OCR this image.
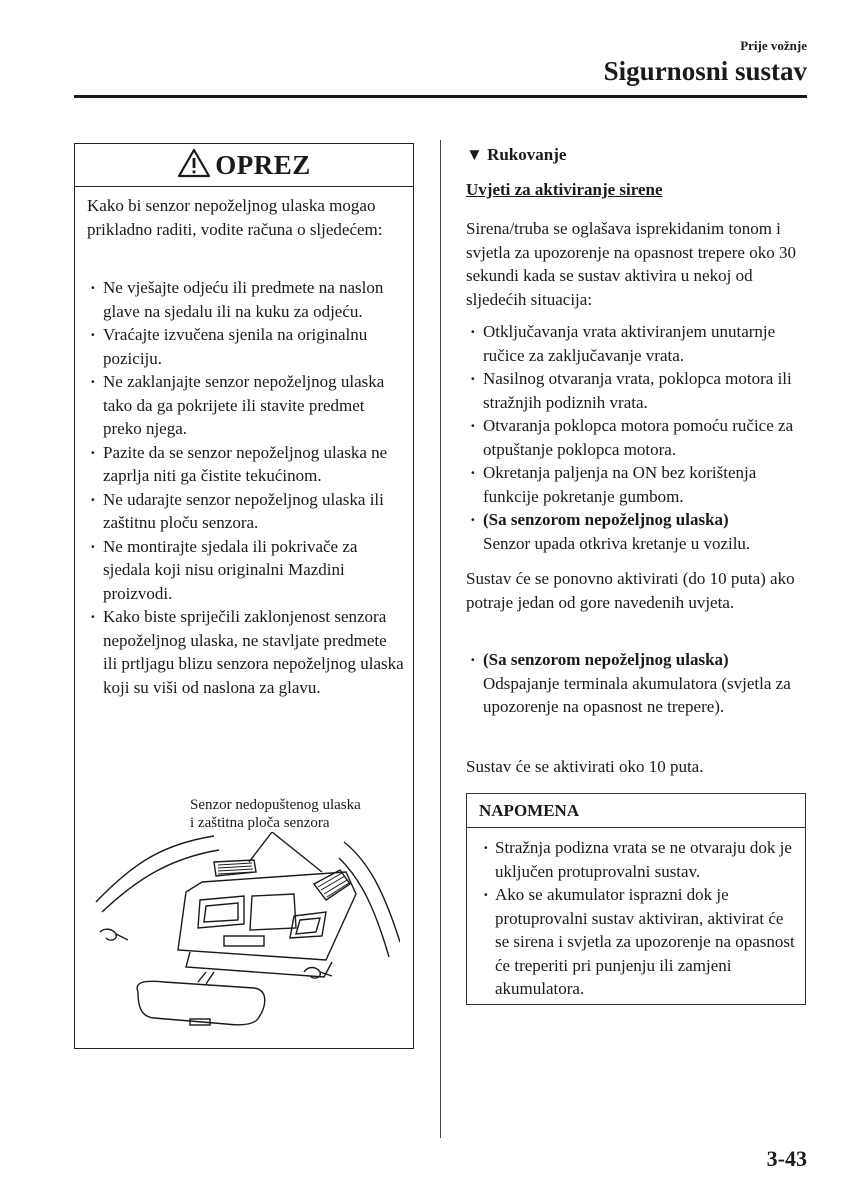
Prije vožnje
Sigurnosni sustav
OPREZ

Kako bi senzor nepoželjnog ulaska mogao prikladno raditi, vodite računa o sljedećem:

· Ne vješajte odjeću ili predmete na naslon glave na sjedalu ili na kuku za odjeću.
· Vraćajte izvučena sjenila na originalnu poziciju.
· Ne zaklanjajte senzor nepoželjnog ulaska tako da ga pokrijete ili stavite predmet preko njega.
· Pazite da se senzor nepoželjnog ulaska ne zaprlja niti ga čistite tekućinom.
· Ne udarajte senzor nepoželjnog ulaska ili zaštitnu ploču senzora.
· Ne montirajte sjedala ili pokrivače za sjedala koji nisu originalni Mazdini proizvodi.
· Kako biste spriječili zaklonjenost senzora nepoželjnog ulaska, ne stavljate predmete ili prtljagu blizu senzora nepoželjnog ulaska koji su viši od naslona za glavu.

Senzor nedopuštenog ulaska
i zaštitna ploča senzora

▼ Rukovanje
Uvjeti za aktiviranje sirene

Sirena/truba se oglašava isprekidanim tonom i svjetla za upozorenje na opasnost trepere oko 30 sekundi kada se sustav aktivira u nekoj od sljedećih situacija:

· Otključavanja vrata aktiviranjem unutarnje ručice za zaključavanje vrata.
· Nasilnog otvaranja vrata, poklopca motora ili stražnjih podiznih vrata.
· Otvaranja poklopca motora pomoću ručice za otpuštanje poklopca motora.
· Okretanja paljenja na ON bez korištenja funkcije pokretanje gumbom.
· (Sa senzorom nepoželjnog ulaska)
Senzor upada otkriva kretanje u vozilu.

Sustav će se ponovno aktivirati (do 10 puta) ako potraje jedan od gore navedenih uvjeta.

· (Sa senzorom nepoželjnog ulaska)
Odspajanje terminala akumulatora (svjetla za upozorenje na opasnost ne trepere).

Sustav će se aktivirati oko 10 puta.

NAPOMENA
· Stražnja podizna vrata se ne otvaraju dok je uključen protuprovalni sustav.
· Ako se akumulator isprazni dok je protuprovalni sustav aktiviran, aktivirat će se sirena i svjetla za upozorenje na opasnost će treperiti pri punjenju ili zamjeni akumulatora.
3-43
